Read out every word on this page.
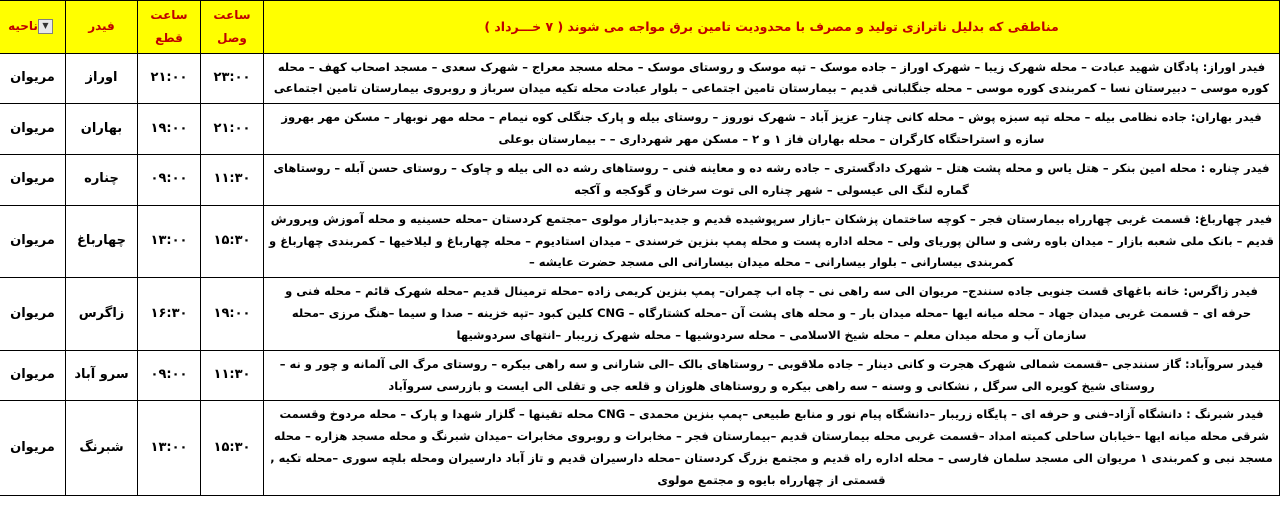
مناطقی که بدلیل ناترازی تولید و مصرف با محدودیت تامین برق مواجه می شوند ( ۷ خـــرداد )	ساعت وصل	ساعت قطع	فیدر	▼ناحیه
فیدر اوراز: پادگان شهید عبادت – محله شهرک زیبا – شهرک اوراز – جاده موسک – تپه موسک و روستای موسک – محله مسجد معراج – شهرک سعدی – مسجد اصحاب کهف – محله کوره موسی – دبیرستان نسا – کمربندی کوره موسی – محله جنگلبانی قدیم – بیمارستان تامین اجتماعی – بلوار عبادت محله تکیه میدان سرباز و روبروی بیمارستان تامین اجتماعی	۲۳:۰۰	۲۱:۰۰	اوراز	مریوان
فیدر بهاران: جاده نظامی بیله – محله تپه سبزه پوش – محله کانی چنار– عزیز آباد – شهرک نوروز – روستای بیله و پارک جنگلی کوه نیمام – محله مهر نوبهار – مسکن مهر بهروز سازه و استراحتگاه کارگران – محله بهاران فاز ۱ و ۲ – مسکن مهر شهرداری – – بیمارستان بوعلی	۲۱:۰۰	۱۹:۰۰	بهاران	مریوان
فیدر چناره : محله امین بنکر – هتل یاس و محله پشت هتل – شهرک دادگستری – جاده رشه ده و معاینه فنی – روستاهای رشه ده الی بیله و چاوک – روستای حسن آبله – روستاهای گماره لنگ الی عیسولی – شهر چناره الی توت سرخان و گوکجه و آکجه	۱۱:۳۰	۰۹:۰۰	چناره	مریوان
فیدر چهارباغ: قسمت غربی چهارراه بیمارستان فجر – کوچه ساختمان پزشکان –بازار سرپوشیده قدیم و جدید–بازار مولوی –مجتمع کردستان –محله حسینیه و محله آموزش وپرورش قدیم – بانک ملی شعبه بازار – میدان باوه رشی و سالن پوریای ولی – محله اداره پست و محله پمپ بنزین خرسندی – میدان استادیوم – محله چهارباغ و لیلاخیها – کمربندی چهارباغ و کمربندی بیسارانی – بلوار بیسارانی – محله میدان بیسارانی الی مسجد حضرت عایشه –	۱۵:۳۰	۱۳:۰۰	چهارباغ	مریوان
فیدر زاگرس: خانه باغهای قست جنوبی جاده سنندج– مریوان الی سه راهی نی – چاه اب چمران– پمپ بنزین کریمی زاده –محله ترمینال قدیم –محله شهرک قائم – محله فنی و حرفه ای – قسمت غربی میدان جهاد – محله میانه ایها –محله میدان بار – و محله های پشت آن –محله کشتارگاه – CNG کلین کبود –تپه خزینه – صدا و سیما –هنگ مرزی –محله سازمان آب و محله میدان معلم – محله شیخ الاسلامی – محله سردوشیها – محله شهرک زریبار –انتهای سردوشیها	۱۹:۰۰	۱۶:۳۰	زاگرس	مریوان
فیدر سروآباد: گاز سنندجی –قسمت شمالی شهرک هجرت و کانی دینار – جاده ملاقوبی – روستاهای بالک –الی شارانی و سه راهی بیکره – روستای مرگ الی آلمانه و چور و نه – روستای شیخ کویره الی سرگل , نشکانی و وسنه – سه راهی بیکره و روستاهای هلوزان و قلعه جی و تقلی الی ایست و بازرسی سروآباد	۱۱:۳۰	۰۹:۰۰	سرو آباد	مریوان
فیدر شبرنگ : دانشگاه آزاد–فنی و حرفه ای – پایگاه زریبار –دانشگاه پیام نور و منابع طبیعی –پمپ بنزین محمدی – CNG محله تقینها – گلزار شهدا و پارک – محله مردوخ وقسمت شرقی محله میانه ایها –خیابان ساحلی کمیته امداد –قسمت غربی محله بیمارستان قدیم –بیمارستان فجر – مخابرات و روبروی مخابرات –میدان شبرنگ و محله مسجد هزاره – محله مسجد نبی و کمربندی ۱ مریوان الی مسجد سلمان فارسی – محله اداره راه قدیم و مجتمع بزرگ کردستان –محله دارسیران قدیم و تاز آباد دارسیران ومحله بلچه سوری –محله تکیه , قسمتی از چهارراه بایوه و مجتمع مولوی	۱۵:۳۰	۱۳:۰۰	شبرنگ	مریوان
